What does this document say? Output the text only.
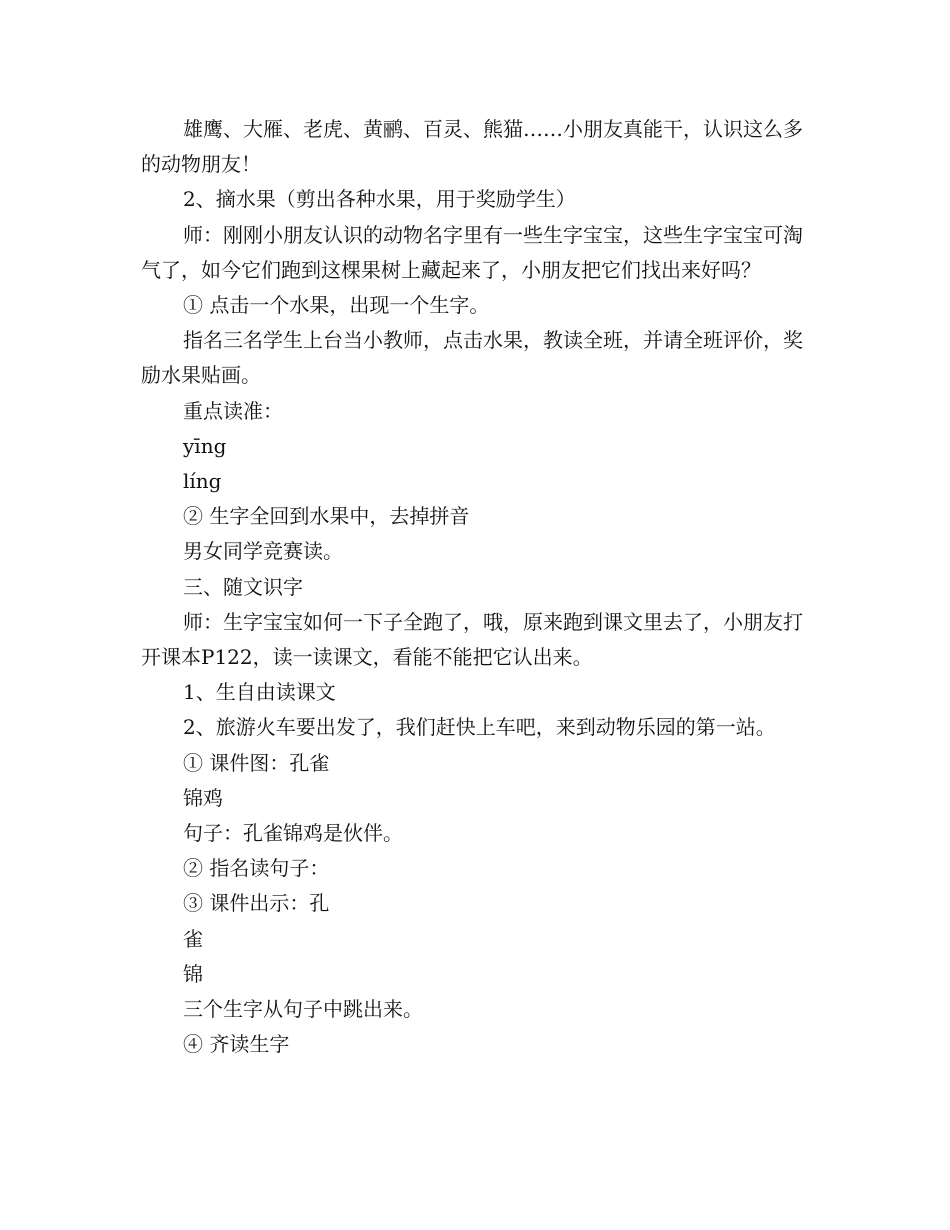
雄鹰、大雁、老虎、黄鹂、百灵、熊猫……小朋友真能干，认识这么多的动物朋友！

2、摘水果（剪出各种水果，用于奖励学生）

师：刚刚小朋友认识的动物名字里有一些生字宝宝，这些生字宝宝可淘气了，如今它们跑到这棵果树上藏起来了，小朋友把它们找出来好吗？

① 点击一个水果，出现一个生字。

指名三名学生上台当小教师，点击水果，教读全班，并请全班评价，奖励水果贴画。

重点读准：

yīng

líng

② 生字全回到水果中，去掉拼音

男女同学竞赛读。

三、随文识字

师：生字宝宝如何一下子全跑了，哦，原来跑到课文里去了，小朋友打开课本P122，读一读课文，看能不能把它认出来。

1、生自由读课文

2、旅游火车要出发了，我们赶快上车吧，来到动物乐园的第一站。

① 课件图：孔雀

锦鸡

句子：孔雀锦鸡是伙伴。

② 指名读句子：

③ 课件出示：孔

雀

锦

三个生字从句子中跳出来。

④ 齐读生字
